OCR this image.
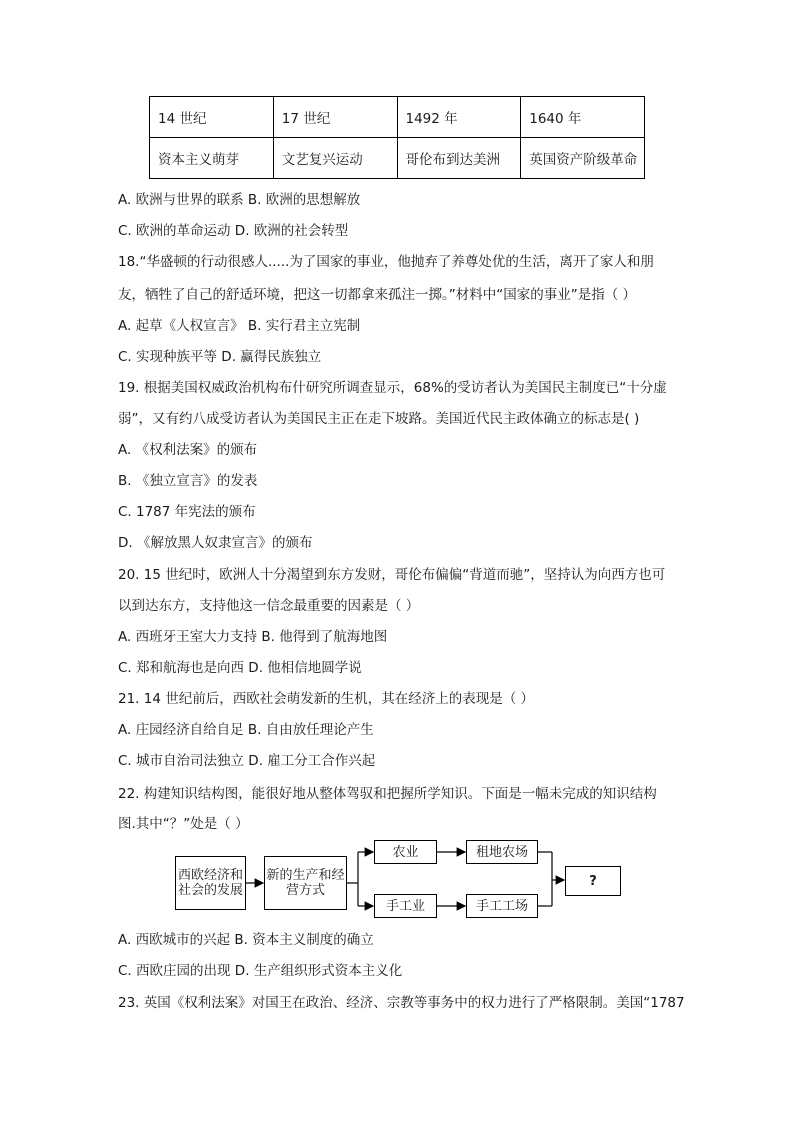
14 世纪	17 世纪	1492 年	1640 年
资本主义萌芽	文艺复兴运动	哥伦布到达美洲	英国资产阶级革命
A. 欧洲与世界的联系 B. 欧洲的思想解放
C. 欧洲的革命运动 D. 欧洲的社会转型
18.“华盛顿的行动很感人.....为了国家的事业，他抛弃了养尊处优的生活，离开了家人和朋
友，牺牲了自己的舒适环境，把这一切都拿来孤注一掷。”材料中“国家的事业”是指（ ）
A. 起草《人权宣言》 B. 实行君主立宪制
C. 实现种族平等 D. 赢得民族独立
19. 根据美国权威政治机构布什研究所调查显示，68%的受访者认为美国民主制度已“十分虚
弱”，又有约八成受访者认为美国民主正在走下坡路。美国近代民主政体确立的标志是( )
A. 《权利法案》的颁布
B. 《独立宣言》的发表
C. 1787 年宪法的颁布
D. 《解放黑人奴隶宣言》的颁布
20. 15 世纪时，欧洲人十分渴望到东方发财，哥伦布偏偏“背道而驰”，坚持认为向西方也可
以到达东方，支持他这一信念最重要的因素是（ ）
A. 西班牙王室大力支持 B. 他得到了航海地图
C. 郑和航海也是向西 D. 他相信地圆学说
21. 14 世纪前后，西欧社会萌发新的生机，其在经济上的表现是（ ）
A. 庄园经济自给自足 B. 自由放任理论产生
C. 城市自治司法独立 D. 雇工分工合作兴起
22. 构建知识结构图，能很好地从整体驾驭和把握所学知识。下面是一幅未完成的知识结构
图.其中“？”处是（ ）
西欧经济和社会的发展
新的生产和经营方式
农业	租地农场
手工业	手工工场
?
A. 西欧城市的兴起 B. 资本主义制度的确立
C. 西欧庄园的出现 D. 生产组织形式资本主义化
23. 英国《权利法案》对国王在政治、经济、宗教等事务中的权力进行了严格限制。美国“1787
